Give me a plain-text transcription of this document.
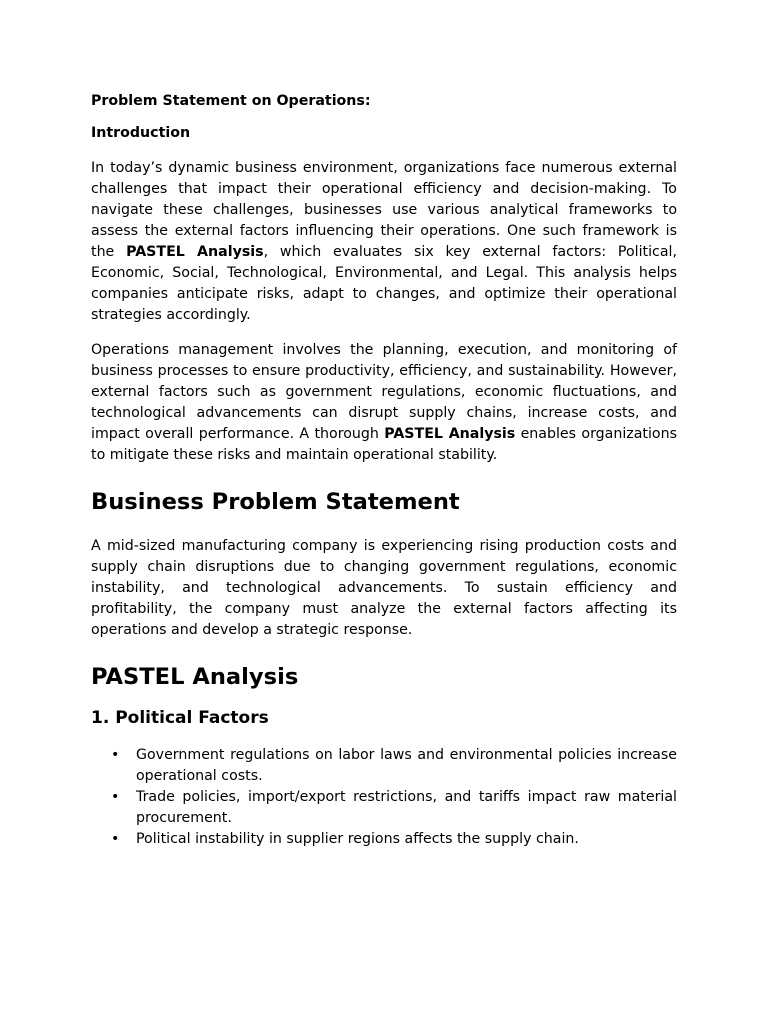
Problem Statement on Operations:

Introduction

In today’s dynamic business environment, organizations face numerous external challenges that impact their operational efficiency and decision-making. To navigate these challenges, businesses use various analytical frameworks to assess the external factors influencing their operations. One such framework is the PASTEL Analysis, which evaluates six key external factors: Political, Economic, Social, Technological, Environmental, and Legal. This analysis helps companies anticipate risks, adapt to changes, and optimize their operational strategies accordingly.

Operations management involves the planning, execution, and monitoring of business processes to ensure productivity, efficiency, and sustainability. However, external factors such as government regulations, economic fluctuations, and technological advancements can disrupt supply chains, increase costs, and impact overall performance. A thorough PASTEL Analysis enables organizations to mitigate these risks and maintain operational stability.

Business Problem Statement

A mid-sized manufacturing company is experiencing rising production costs and supply chain disruptions due to changing government regulations, economic instability, and technological advancements. To sustain efficiency and profitability, the company must analyze the external factors affecting its operations and develop a strategic response.

PASTEL Analysis
1. Political Factors
• Government regulations on labor laws and environmental policies increase operational costs.
• Trade policies, import/export restrictions, and tariffs impact raw material procurement.
• Political instability in supplier regions affects the supply chain.
